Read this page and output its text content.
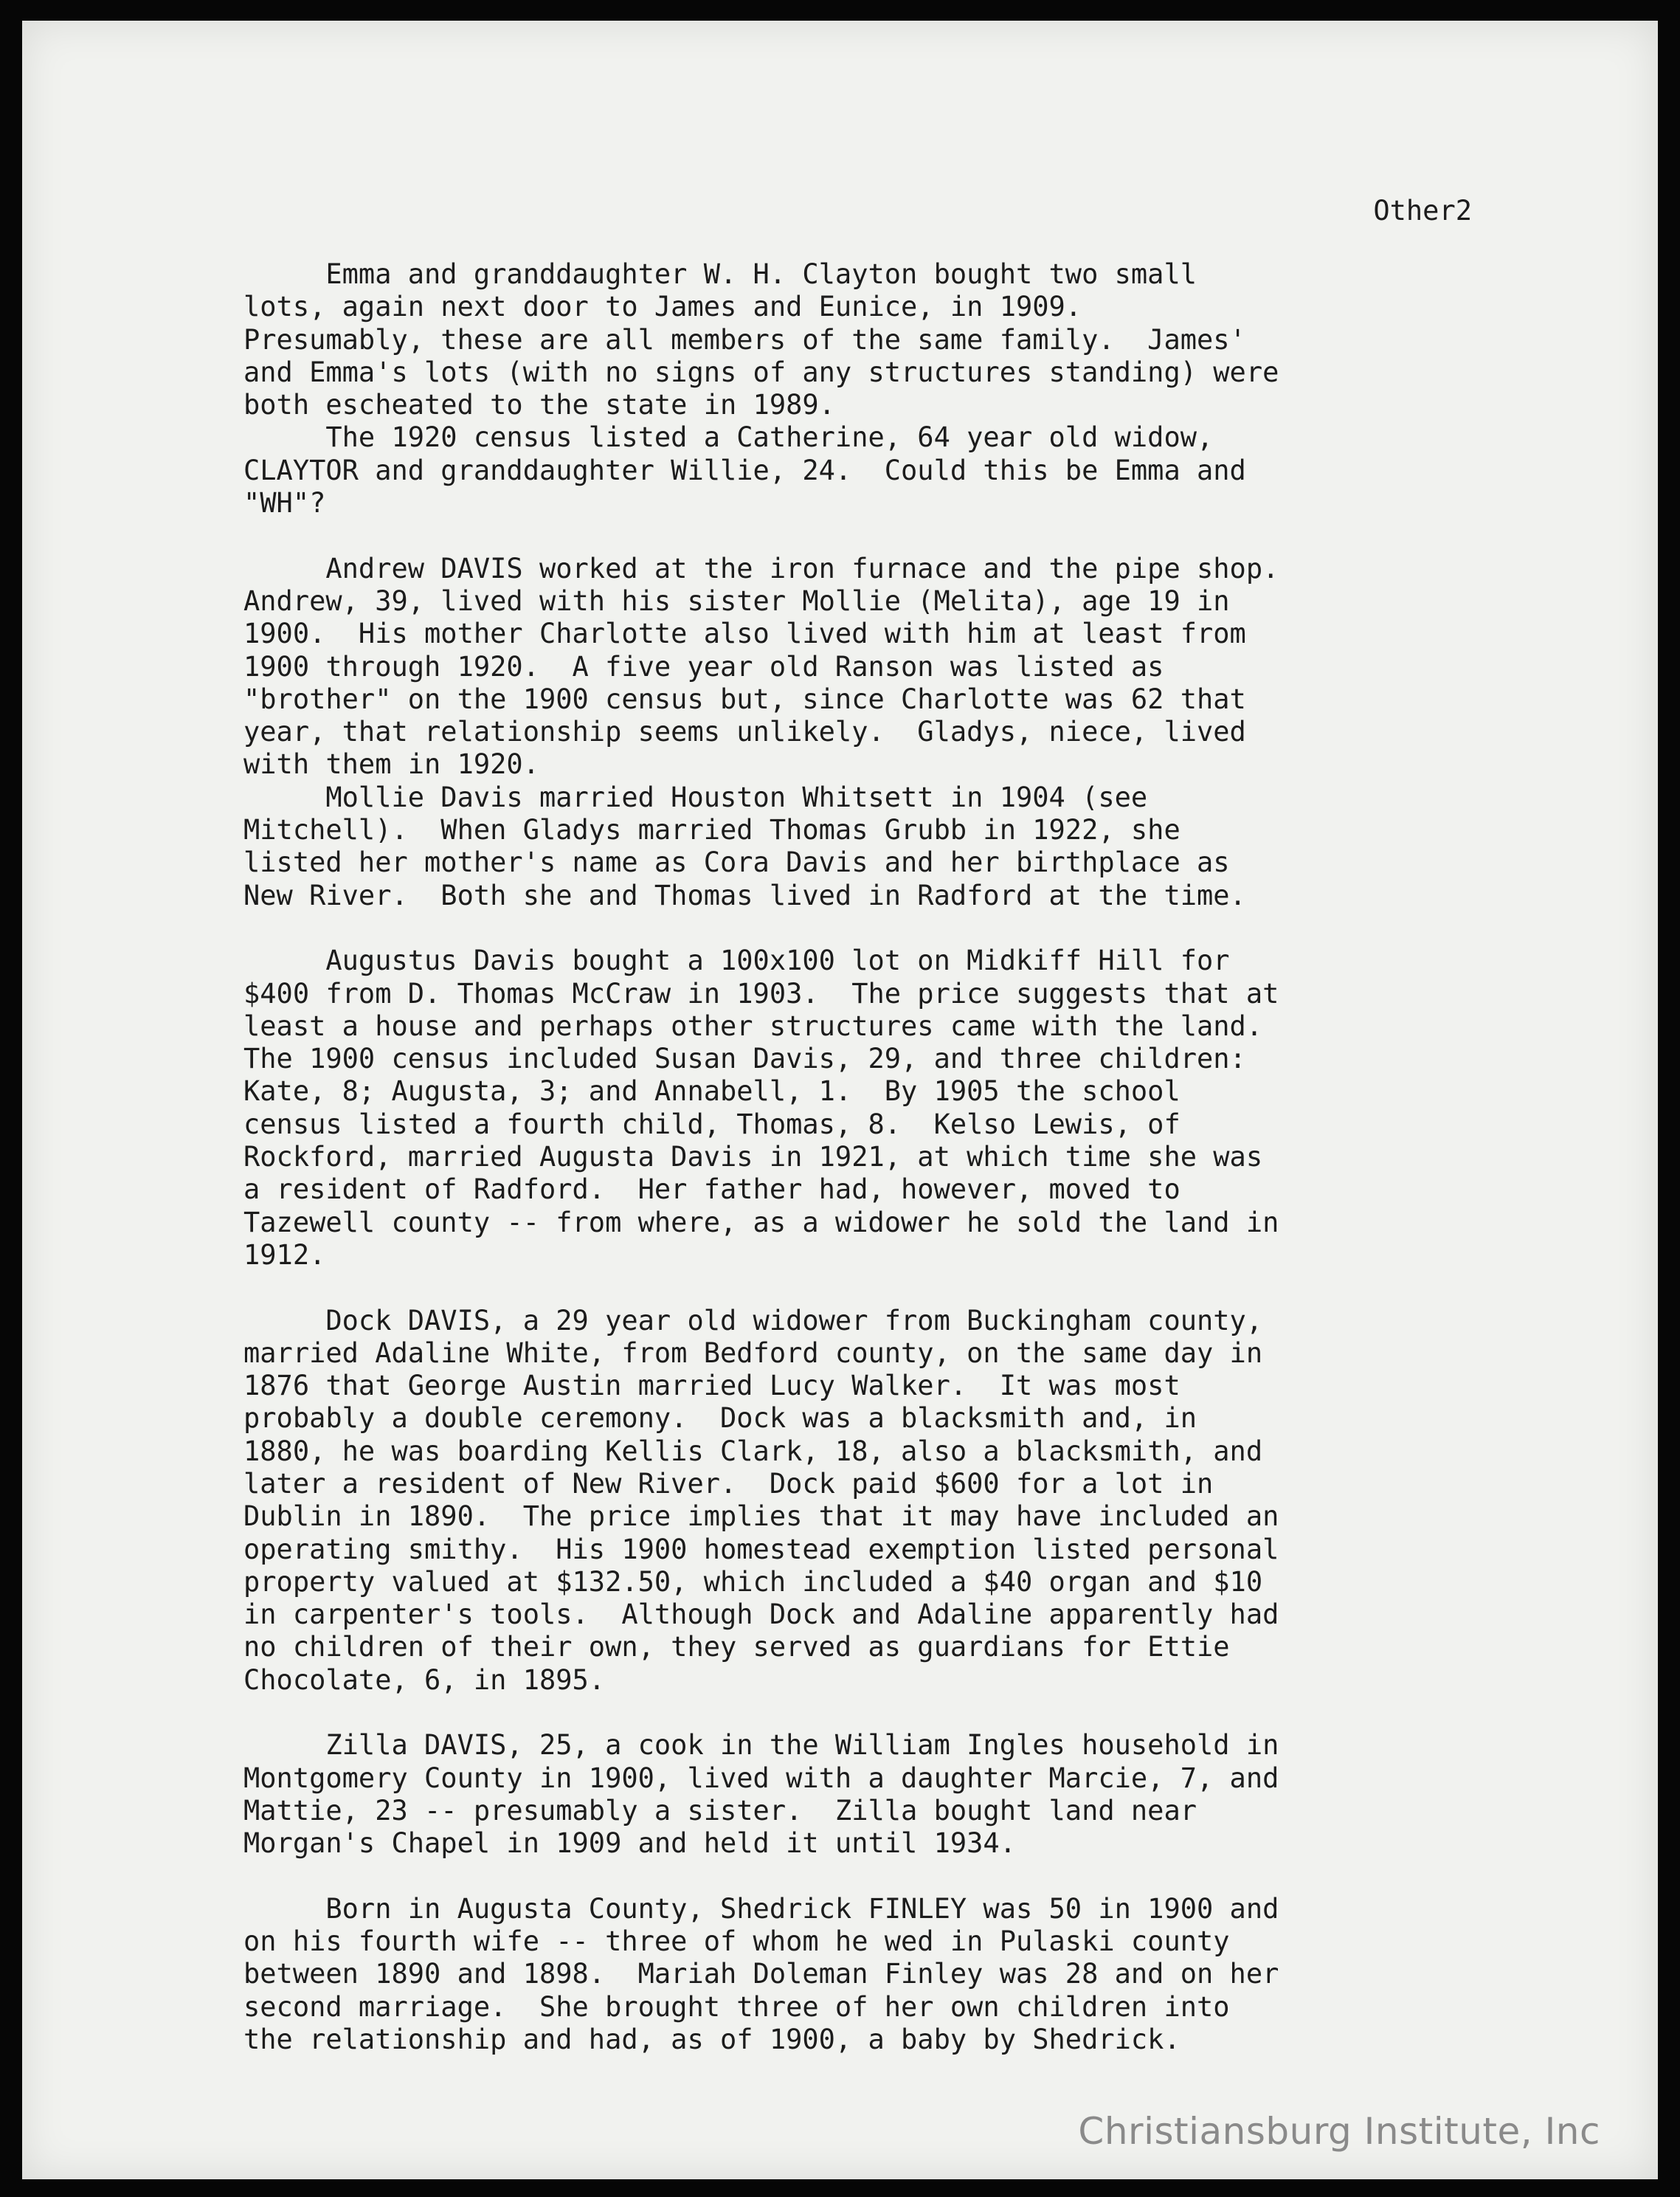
Other2
Emma and granddaughter W. H. Clayton bought two small
lots, again next door to James and Eunice, in 1909.
Presumably, these are all members of the same family.  James'
and Emma's lots (with no signs of any structures standing) were
both escheated to the state in 1989.
The 1920 census listed a Catherine, 64 year old widow,
CLAYTOR and granddaughter Willie, 24.  Could this be Emma and
"WH"?
Andrew DAVIS worked at the iron furnace and the pipe shop.
Andrew, 39, lived with his sister Mollie (Melita), age 19 in
1900.  His mother Charlotte also lived with him at least from
1900 through 1920.  A five year old Ranson was listed as
"brother" on the 1900 census but, since Charlotte was 62 that
year, that relationship seems unlikely.  Gladys, niece, lived
with them in 1920.
Mollie Davis married Houston Whitsett in 1904 (see
Mitchell).  When Gladys married Thomas Grubb in 1922, she
listed her mother's name as Cora Davis and her birthplace as
New River.  Both she and Thomas lived in Radford at the time.
Augustus Davis bought a 100x100 lot on Midkiff Hill for
$400 from D. Thomas McCraw in 1903.  The price suggests that at
least a house and perhaps other structures came with the land.
The 1900 census included Susan Davis, 29, and three children:
Kate, 8; Augusta, 3; and Annabell, 1.  By 1905 the school
census listed a fourth child, Thomas, 8.  Kelso Lewis, of
Rockford, married Augusta Davis in 1921, at which time she was
a resident of Radford.  Her father had, however, moved to
Tazewell county -- from where, as a widower he sold the land in
1912.
Dock DAVIS, a 29 year old widower from Buckingham county,
married Adaline White, from Bedford county, on the same day in
1876 that George Austin married Lucy Walker.  It was most
probably a double ceremony.  Dock was a blacksmith and, in
1880, he was boarding Kellis Clark, 18, also a blacksmith, and
later a resident of New River.  Dock paid $600 for a lot in
Dublin in 1890.  The price implies that it may have included an
operating smithy.  His 1900 homestead exemption listed personal
property valued at $132.50, which included a $40 organ and $10
in carpenter's tools.  Although Dock and Adaline apparently had
no children of their own, they served as guardians for Ettie
Chocolate, 6, in 1895.
Zilla DAVIS, 25, a cook in the William Ingles household in
Montgomery County in 1900, lived with a daughter Marcie, 7, and
Mattie, 23 -- presumably a sister.  Zilla bought land near
Morgan's Chapel in 1909 and held it until 1934.
Born in Augusta County, Shedrick FINLEY was 50 in 1900 and
on his fourth wife -- three of whom he wed in Pulaski county
between 1890 and 1898.  Mariah Doleman Finley was 28 and on her
second marriage.  She brought three of her own children into
the relationship and had, as of 1900, a baby by Shedrick.
Christiansburg Institute, Inc
